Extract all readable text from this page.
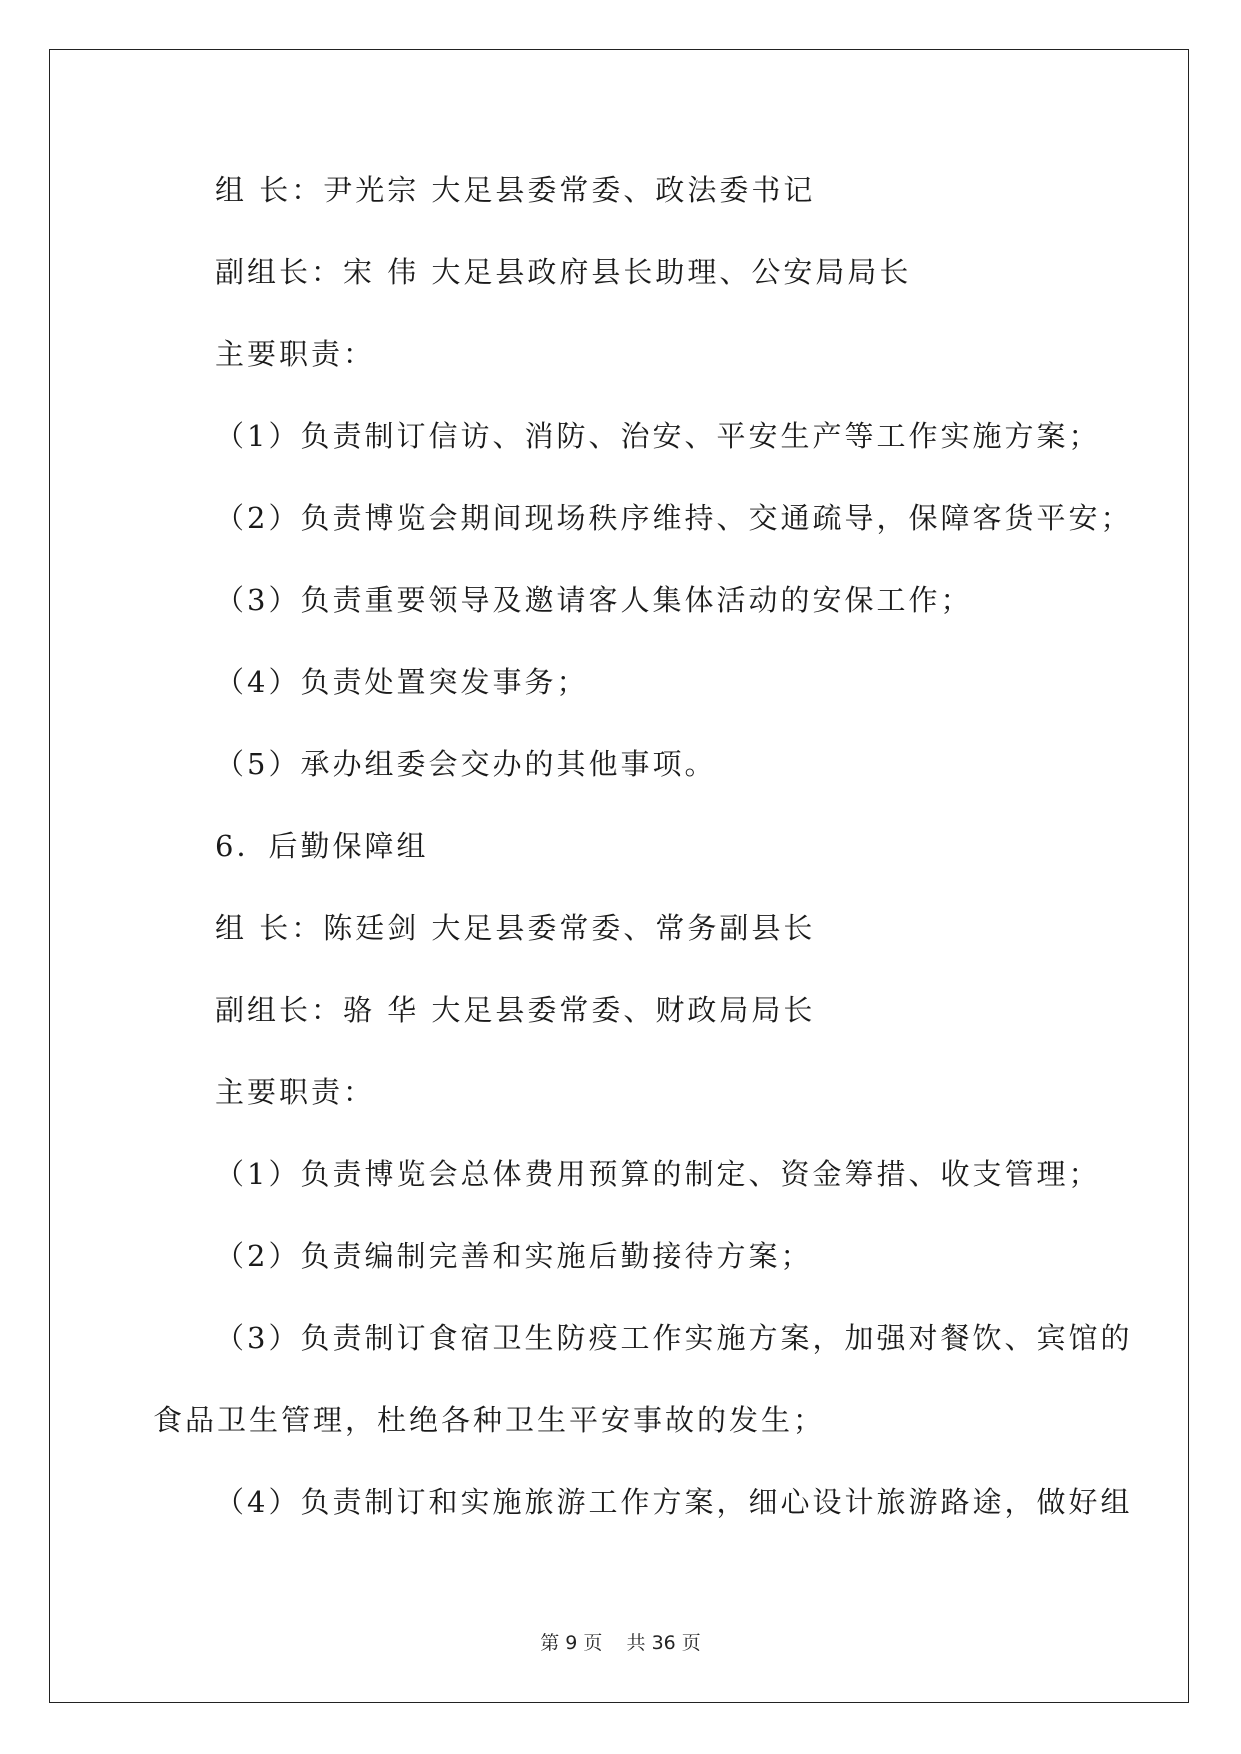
组 长：尹光宗 大足县委常委、政法委书记
副组长：宋 伟 大足县政府县长助理、公安局局长
主要职责：
（1）负责制订信访、消防、治安、平安生产等工作实施方案；
（2）负责博览会期间现场秩序维持、交通疏导，保障客货平安；
（3）负责重要领导及邀请客人集体活动的安保工作；
（4）负责处置突发事务；
（5）承办组委会交办的其他事项。
6．后勤保障组
组 长：陈廷剑 大足县委常委、常务副县长
副组长：骆 华 大足县委常委、财政局局长
主要职责：
（1）负责博览会总体费用预算的制定、资金筹措、收支管理；
（2）负责编制完善和实施后勤接待方案；
（3）负责制订食宿卫生防疫工作实施方案，加强对餐饮、宾馆的
食品卫生管理，杜绝各种卫生平安事故的发生；
（4）负责制订和实施旅游工作方案，细心设计旅游路途，做好组
第 9 页    共 36 页
